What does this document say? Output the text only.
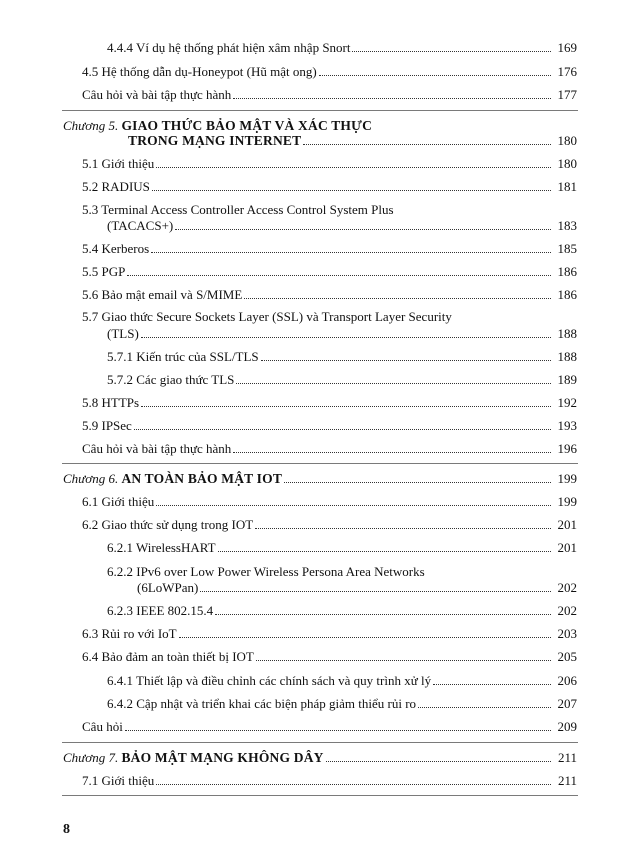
4.4.4 Ví dụ hệ thống phát hiện xâm nhập Snort	169
4.5 Hệ thống dẫn dụ-Honeypot (Hũ mật ong)	176
Câu hỏi và bài tập thực hành	177
Chương 5. GIAO THỨC BẢO MẬT VÀ XÁC THỰC
TRONG MẠNG INTERNET	180
5.1 Giới thiệu	180
5.2 RADIUS	181
5.3 Terminal Access Controller Access Control System Plus
(TACACS+)	183
5.4 Kerberos	185
5.5 PGP	186
5.6 Bảo mật email và S/MIME	186
5.7 Giao thức Secure Sockets Layer (SSL) và Transport Layer Security
(TLS)	188
5.7.1 Kiến trúc của SSL/TLS	188
5.7.2 Các giao thức TLS	189
5.8 HTTPs	192
5.9 IPSec	193
Câu hỏi và bài tập thực hành	196
Chương 6. AN TOÀN BẢO MẬT IOT	199
6.1 Giới thiệu	199
6.2 Giao thức sử dụng trong IOT	201
6.2.1 WirelessHART	201
6.2.2 IPv6 over Low Power Wireless Persona Area Networks
(6LoWPan)	202
6.2.3 IEEE 802.15.4	202
6.3 Rủi ro với IoT	203
6.4 Bảo đảm an toàn thiết bị IOT	205
6.4.1 Thiết lập và điều chỉnh các chính sách và quy trình xử lý	206
6.4.2 Cập nhật và triển khai các biện pháp giảm thiểu rủi ro	207
Câu hỏi	209
Chương 7. BẢO MẬT MẠNG KHÔNG DÂY	211
7.1 Giới thiệu	211
8
